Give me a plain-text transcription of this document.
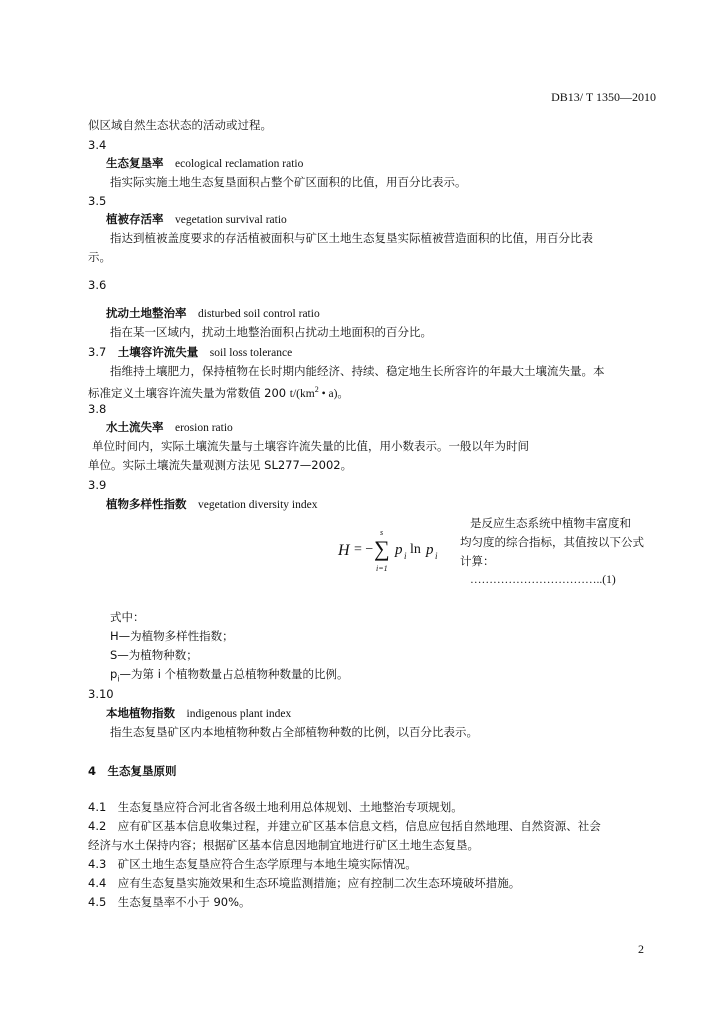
DB13/ T 1350—2010
似区域自然生态状态的活动或过程。
3.4
生态复垦率　 ecological reclamation ratio
指实际实施土地生态复垦面积占整个矿区面积的比值，用百分比表示。
3.5
植被存活率　 vegetation survival ratio
指达到植被盖度要求的存活植被面积与矿区土地生态复垦实际植被营造面积的比值，用百分比表
示。
3.6
扰动土地整治率　 disturbed soil control ratio
指在某一区域内，扰动土地整治面积占扰动土地面积的百分比。
3.7　 土壤容许流失量　 soil loss tolerance
指维持土壤肥力，保持植物在长时期内能经济、持续、稳定地生长所容许的年最大土壤流失量。本
标准定义土壤容许流失量为常数值 200 $t/(km^2$ • a)。
3.8
水土流失率　 erosion ratio
单位时间内，实际土壤流失量与土壤容许流失量的比值，用小数表示。一般以年为时间
单位。实际土壤流失量观测方法见 SL277—2002。
3.9
植物多样性指数　 vegetation diversity index
H = − ∑
s
i=1
p i ln p i
是反应生态系统中植物丰富度和
均匀度的综合指标，其值按以下公式
计算：
……………………………..(1)
式中：
H—为植物多样性指数；
S—为植物种数；
$p_i—$为第 i 个植物数量占总植物种数量的比例。
3.10
本地植物指数　 indigenous plant index
指生态复垦矿区内本地植物种数占全部植物种数的比例，以百分比表示。
4　生态复垦原则
4.1　生态复垦应符合河北省各级土地利用总体规划、土地整治专项规划。
4.2　应有矿区基本信息收集过程，并建立矿区基本信息文档，信息应包括自然地理、自然资源、社会
经济与水土保持内容；根据矿区基本信息因地制宜地进行矿区土地生态复垦。
4.3　矿区土地生态复垦应符合生态学原理与本地生境实际情况。
4.4　应有生态复垦实施效果和生态环境监测措施；应有控制二次生态环境破坏措施。
4.5　生态复垦率不小于 90%。
2
